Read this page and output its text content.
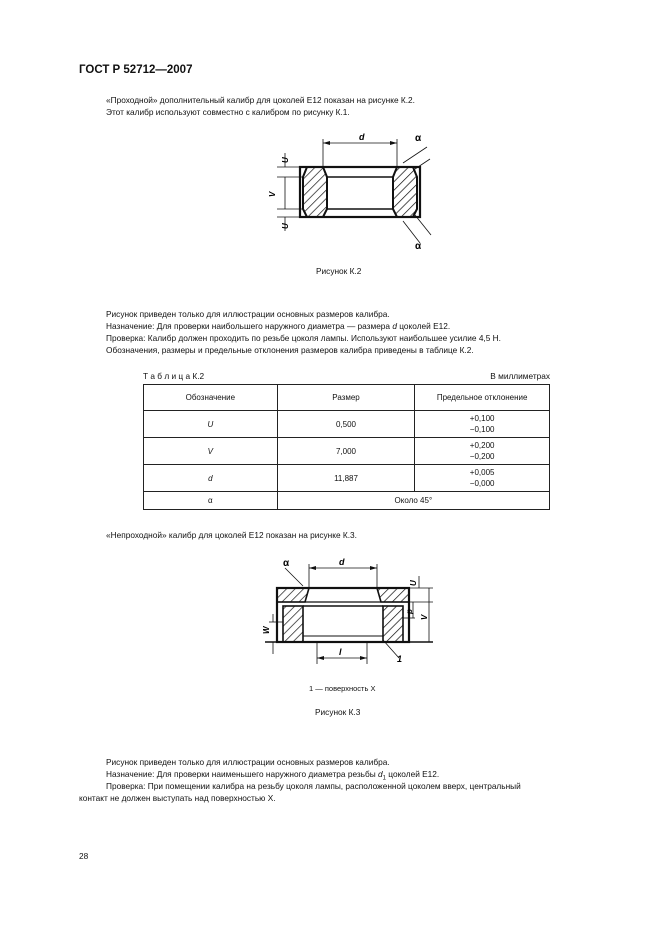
ГОСТ Р 52712—2007
«Проходной» дополнительный калибр для цоколей E12 показан на рисунке К.2.
Этот калибр используют совместно с калибром по рисунку К.1.
d	α
α
U
V
U
Рисунок К.2
Рисунок приведен только для иллюстрации основных размеров калибра.
Назначение: Для проверки наибольшего наружного диаметра — размера d цоколей E12.
Проверка: Калибр должен проходить по резьбе цоколя лампы. Используют наибольшее усилие 4,5 Н.
Обозначения, размеры и предельные отклонения размеров калибра приведены в таблице К.2.
Т а б л и ц а К.2	В миллиметрах
Обозначение	Размер	Предельное отклонение
U	0,500	+0,100
−0,100

V	7,000	+0,200
−0,200

d	11,887	+0,005
−0,000

α	Около 45°	
«Непроходной» калибр для цоколей E12 показан на рисунке К.3.
d
α
U
p
V
W
l
1
1 — поверхность X
Рисунок К.3
Рисунок приведен только для иллюстрации основных размеров калибра.
Назначение: Для проверки наименьшего наружного диаметра резьбы $d_1$ цоколей E12.
Проверка: При помещении калибра на резьбу цоколя лампы, расположенной цоколем вверх, центральный
контакт не должен выступать над поверхностью X.
28
